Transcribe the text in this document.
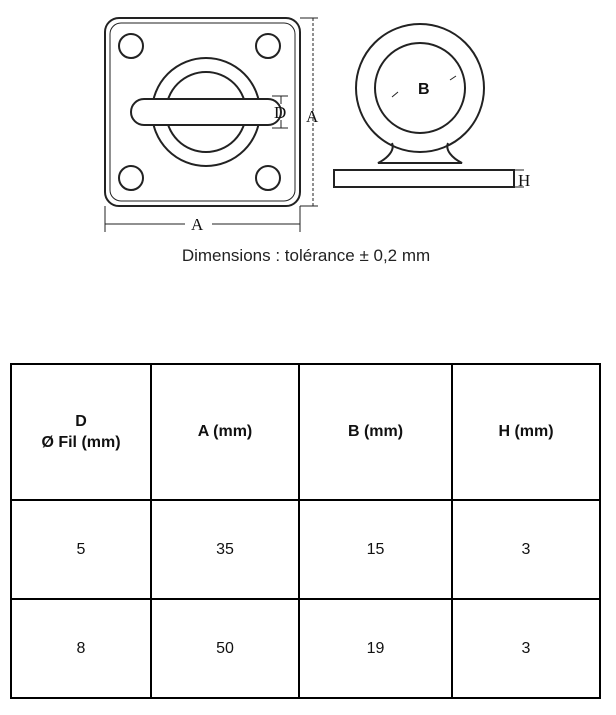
A
A
D
B
H
Dimensions : tolérance ± 0,2 mm
D
Ø Fil (mm)	A (mm)	B (mm)	H (mm)
5	35	15	3
8	50	19	3
